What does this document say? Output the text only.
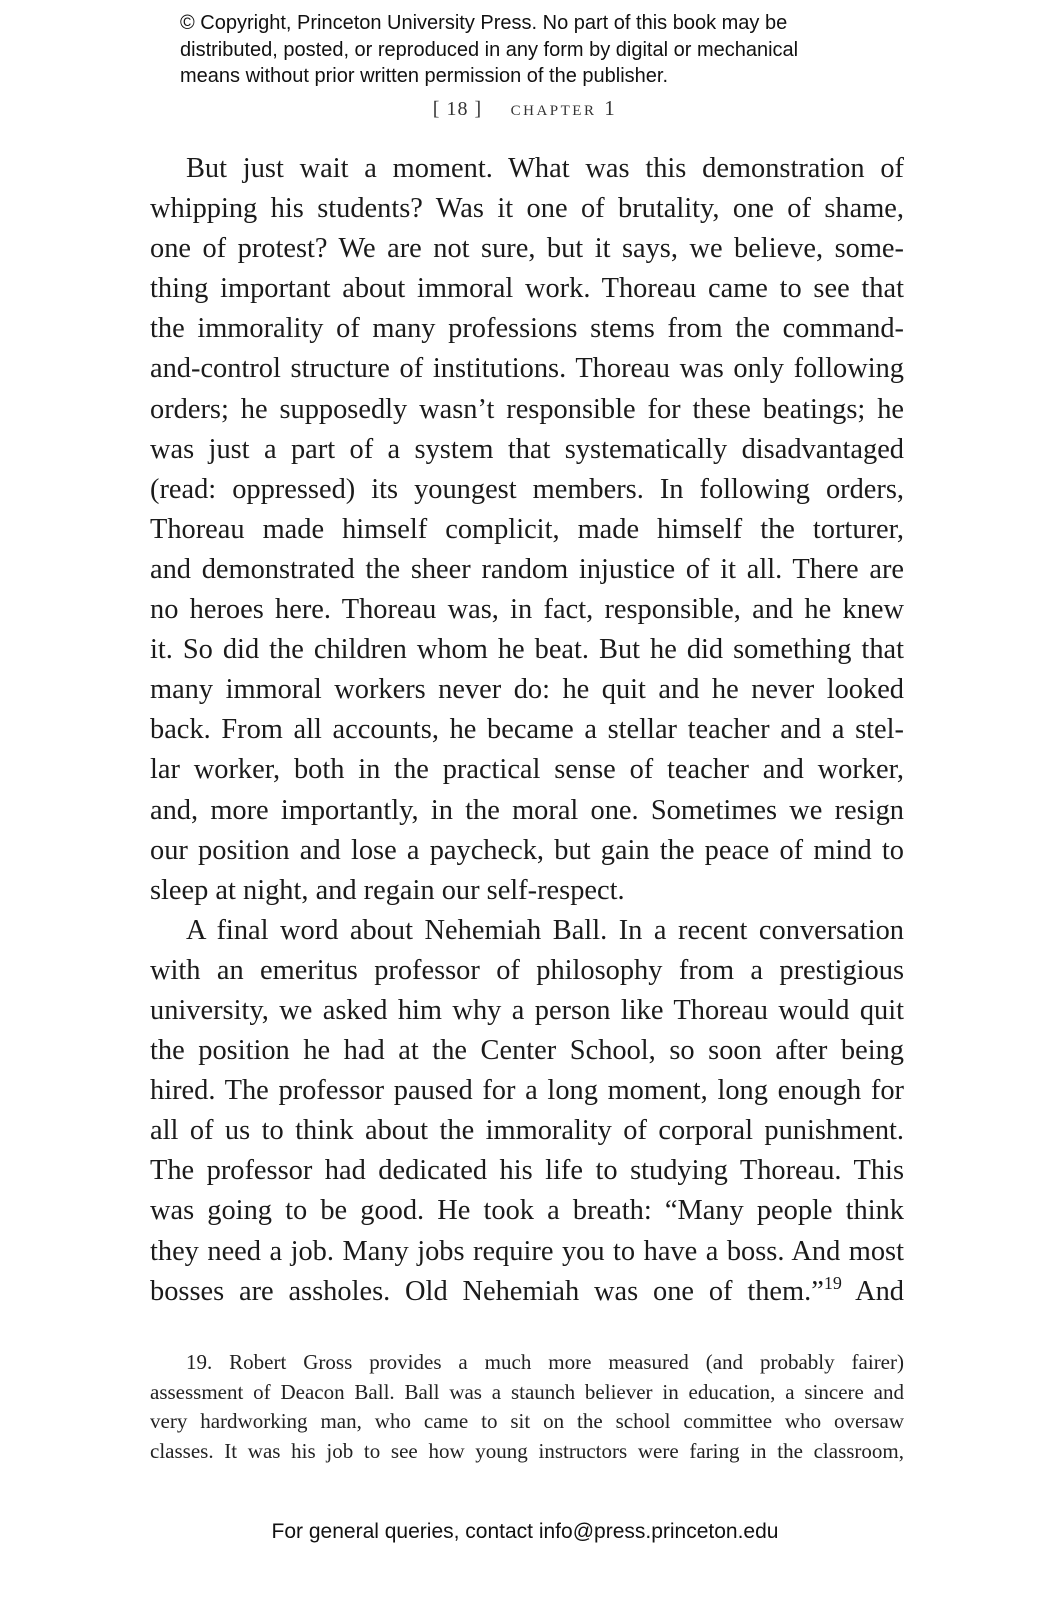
© Copyright, Princeton University Press. No part of this book may be
distributed, posted, or reproduced in any form by digital or mechanical
means without prior written permission of the publisher.
[ 18 ] chapter 1
But just wait a moment. What was this demonstration of
whipping his students? Was it one of brutality, one of shame,
one of protest? We are not sure, but it says, we believe, some-
thing important about immoral work. Thoreau came to see that
the immorality of many professions stems from the command-
and-control structure of institutions. Thoreau was only following
orders; he supposedly wasn’t responsible for these beatings; he
was just a part of a system that systematically disadvantaged
(read: oppressed) its youngest members. In following orders,
Thoreau made himself complicit, made himself the torturer,
and demonstrated the sheer random injustice of it all. There are
no heroes here. Thoreau was, in fact, responsible, and he knew
it. So did the children whom he beat. But he did something that
many immoral workers never do: he quit and he never looked
back. From all accounts, he became a stellar teacher and a stel-
lar worker, both in the practical sense of teacher and worker,
and, more importantly, in the moral one. Sometimes we resign
our position and lose a paycheck, but gain the peace of mind to
sleep at night, and regain our self-respect.
A final word about Nehemiah Ball. In a recent conversation
with an emeritus professor of philosophy from a prestigious
university, we asked him why a person like Thoreau would quit
the position he had at the Center School, so soon after being
hired. The professor paused for a long moment, long enough for
all of us to think about the immorality of corporal punishment.
The professor had dedicated his life to studying Thoreau. This
was going to be good. He took a breath: “Many people think
they need a job. Many jobs require you to have a boss. And most
bosses are assholes. Old Nehemiah was one of them.”$^{19}$ And
19. Robert Gross provides a much more measured (and probably fairer)
assessment of Deacon Ball. Ball was a staunch believer in education, a sincere and
very hardworking man, who came to sit on the school committee who oversaw
classes. It was his job to see how young instructors were faring in the classroom,
For general queries, contact info@press.princeton.edu
